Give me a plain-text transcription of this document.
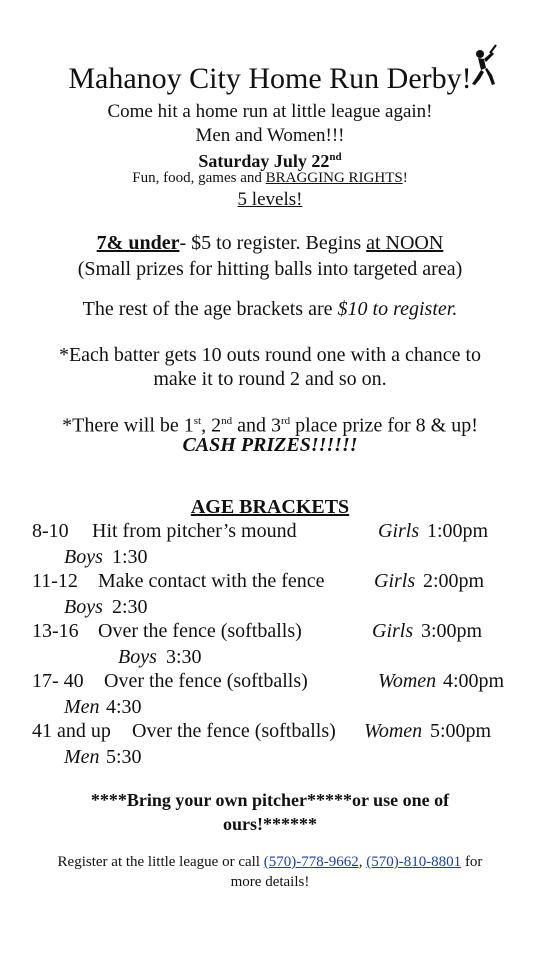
Mahanoy City Home Run Derby!
Come hit a home run at little league again!
Men and Women!!!
Saturday July 22nd
Fun, food, games and BRAGGING RIGHTS!
5 levels!
7& under- $5 to register. Begins at NOON
(Small prizes for hitting balls into targeted area)
The rest of the age brackets are $10 to register.
*Each batter gets 10 outs round one with a chance to
make it to round 2 and so on.
*There will be 1st, 2nd and 3rd place prize for 8 & up!
CASH PRIZES!!!!!!
AGE BRACKETS
8-10 Hit from pitcher’s mound	Girls 1:00pm
Boys 1:30
11-12 Make contact with the fence Girls 2:00pm
Boys 2:30
13-16 Over the fence (softballs)	Girls 3:00pm
Boys 3:30
17- 40 Over the fence (softballs)	Women 4:00pm
Men 4:30
41 and up Over the fence (softballs) Women 5:00pm
Men 5:30
****Bring your own pitcher*****or use one of
ours!******
Register at the little league or call (570)-778-9662, (570)-810-8801 for
more details!
